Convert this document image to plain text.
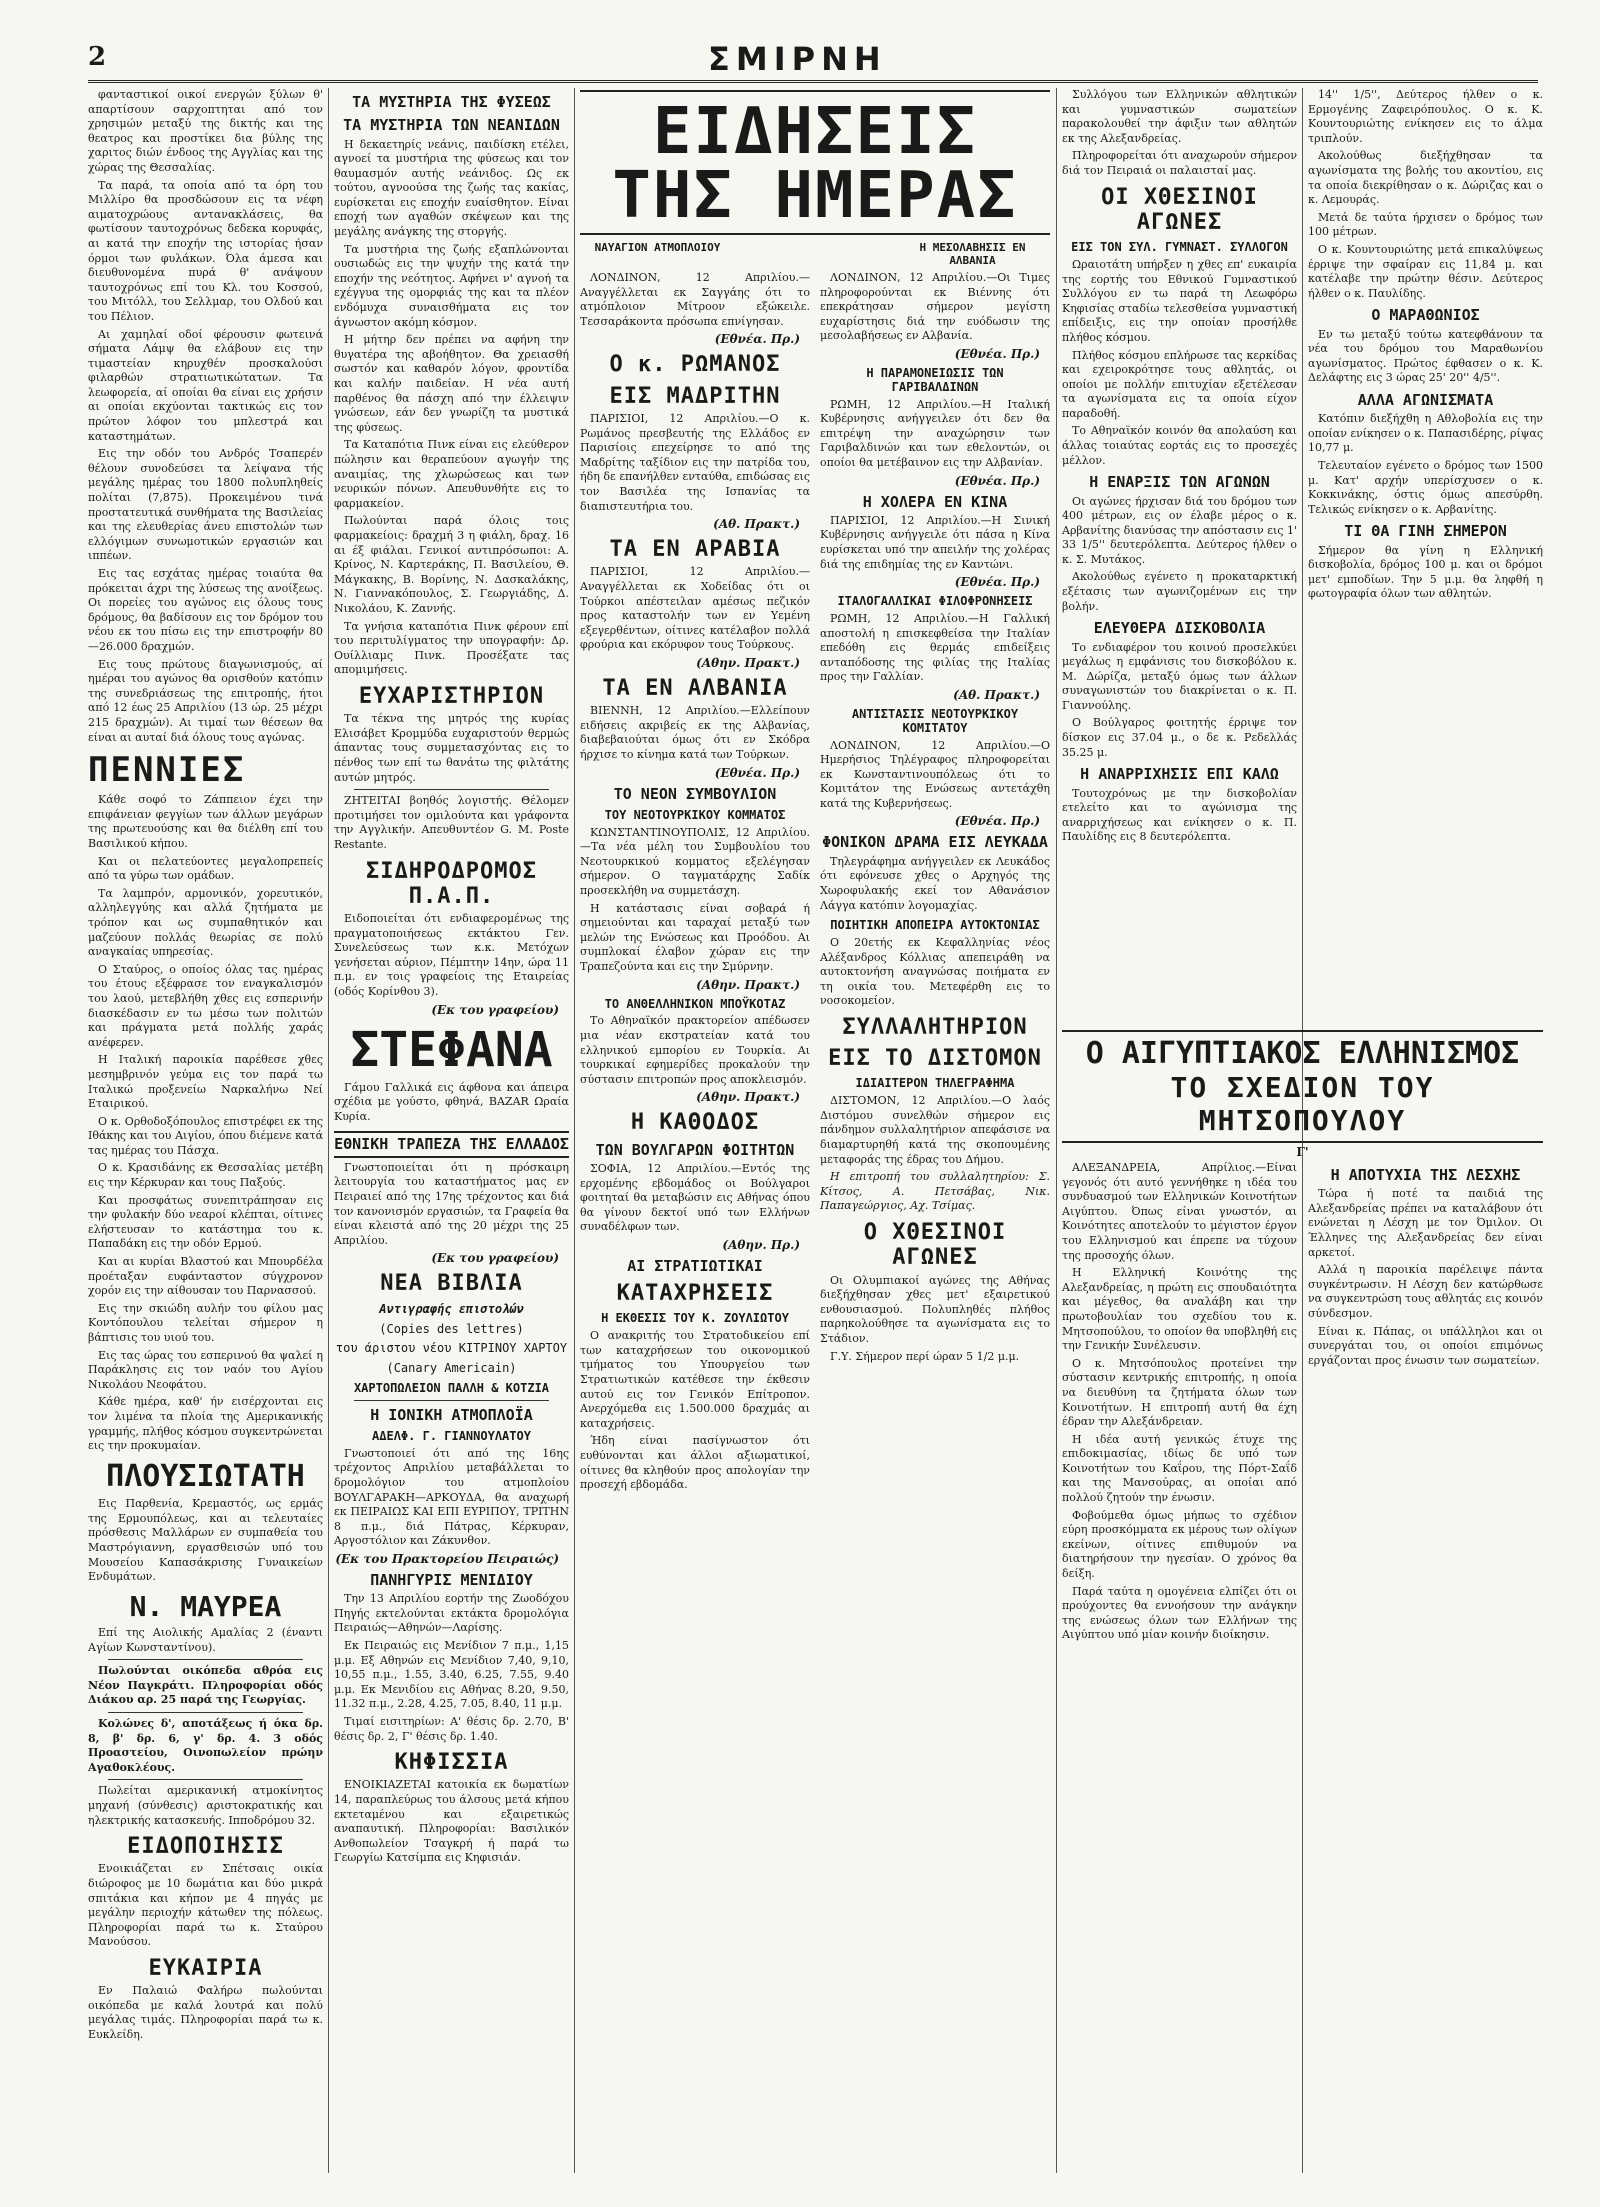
2	ΣΜΙΡΝΗ

φανταστικοί οικοί ενεργών ξύλων θ' απαρτίσουν σαρχοπτηται από τον χρησιμών μεταξύ της δικτής και της θεατρος και προστίκει δια βύλης της χαριτος διών ένδοος της Αγγλίας και της χώρας της Θεσσαλίας.

Τα παρά, τα οποία από τα όρη του Μιλλίρο θα προσδώσουν εις τα νέφη αιματοχρώους αντανακλάσεις, θα φωτίσουν ταυτοχρόνως δεδεκα κορυφάς, αι κατά την εποχήν της ιστορίας ήσαν όρμοι των φυλάκων. Όλα άμεσα και διευθυνομένα πυρά θ' ανάψουν ταυτοχρόνως επί του Κλ. του Κοσσού, του Μιτόλλ, του Σελλμαρ, του Ολδού και του Πέλιον.

Αι χαμηλαί οδοί φέρουσιν φωτεινά σήματα Λάμψ θα ελάβουν εις την τιμαστείαν κηρυχθέν προσκαλούσι φιλαρθών στρατιωτικώτατων. Τα λεωφορεία, αί οποίαι θα είναι εις χρήσιν αι οποίαι εκχύονται τακτικώς εις τον πρώτον λόφον του μπλεστρά και καταστημάτων.

Εις την οδόν του Ανδρός Τσαπερέν θέλουν συνοδεύσει τα λείψανα τής μεγάλης ημέρας του 1800 πολυπληθείς πολίται (7,875). Προκειμένου τινά προστατευτικά συνθήματα της Βασιλείας και της ελευθερίας άνευ επιστολών των ελλόγιμων συνωμοτικών εργασιών και ιππέων.

Εις τας εσχάτας ημέρας τοιαύτα θα πρόκειται άχρι της λύσεως της ανοίξεως. Οι πορείες του αγώνος εις όλους τους δρόμους, θα βαδίσουν εις τον δρόμον του νέου εκ του πίσω εις την επιστροφήν 80—26.000 δραχμών.

Εις τους πρώτους διαγωνισμούς, αί ημέραι του αγώνος θα ορισθούν κατόπιν της συνεδριάσεως της επιτροπής, ήτοι από 12 έως 25 Απριλίου (13 ώρ. 25 μέχρι 215 δραχμών). Αι τιμαί των θέσεων θα είναι αι αυταί διά όλους τους αγώνας.

ΠΕΝΝΙΕΣ

Κάθε σοφό το Ζάππειον έχει την επιφάνειαν φεγγίων των άλλων μεγάρων της πρωτευούσης και θα διέλθη επί του Βασιλικού κήπου.

Και οι πελατεύοντες μεγαλοπρεπείς από τα γύρω των ομάδων.

Τα λαμπρόν, αρμονικόν, χορευτικόν, αλληλεγγύης και αλλά ζητήματα με τρόπον και ως συμπαθητικόν και μαζεύουν πολλάς θεωρίας σε πολύ αναγκαίας υπηρεσίας.

Ο Σταύρος, ο οποίος όλας τας ημέρας του έτους εξέφρασε τον εναγκαλισμόν του λαού, μετεβλήθη χθες εις εσπερινήν διασκέδασιν εν τω μέσω των πολιτών και πράγματα μετά πολλής χαράς ανέφερεν.

Η Ιταλική παροικία παρέθεσε χθες μεσημβρινόν γεύμα εις τον παρά τω Ιταλικώ προξενείω Ναρκαλήνω Νεί Εταιρικού.

Ο κ. Ορθοδοξόπουλος επιστρέφει εκ της Ιθάκης και του Αιγίου, όπου διέμενε κατά τας ημέρας του Πάσχα.

Ο κ. Κρασιδάνης εκ Θεσσαλίας μετέβη εις την Κέρκυραν και τους Παξούς.

Και προσφάτως συνεπιτράπησαν εις την φυλακήν δύο νεαροί κλέπται, οίτινες ελήστευσαν το κατάστημα του κ. Παπαδάκη εις την οδόν Ερμού.

Και αι κυρίαι Βλαστού και Μπουρδέλα προέταξαν ευφάνταστον σύγχρονον χορόν εις την αίθουσαν του Παρνασσού.

Εις την σκιώδη αυλήν του φίλου μας Κοντόπουλου τελείται σήμερον η βάπτισις του υιού του.

Εις τας ώρας του εσπερινού θα ψαλεί η Παράκλησις εις τον ναόν του Αγίου Νικολάου Νεοφάτου.

Κάθε ημέρα, καθ' ήν εισέρχονται εις τον λιμένα τα πλοία της Αμερικανικής γραμμής, πλήθος κόσμου συγκεντρώνεται εις την προκυμαίαν.

ΠΛΟΥΣΙΩΤΑΤΗ

Εις Παρθενία, Κρεμαστός, ως ερμάς της Ερμουπόλεως, και αι τελευταίες πρόσθεσις Μαλλάρων εν συμπαθεία του Μαστρόγιαννη, εργασθεισών υπό του Μουσείου Καπασάκρισης Γυναικείων Ενδυμάτων.

Ν. ΜΑΥΡΕΑ

Επί της Αιολικής Αμαλίας 2 (έναντι Αγίων Κωνσταντίνου).

Πωλούνται οικόπεδα αθρόα εις Νέον Παγκράτι. Πληροφορίαι οδός Διάκου αρ. 25 παρά της Γεωργίας.

Κολώνες δ', αποτάξεως ή όκα δρ. 8, β' δρ. 6, γ' δρ. 4. 3 οδός Προαστείου, Οινοπωλείον πρώην Αγαθοκλέους.

Πωλείται αμερικανική ατμοκίνητος μηχανή (σύνθεσις) αριστοκρατικής και ηλεκτρικής κατασκευής. Ιπποδρόμου 32.

ΕΙΔΟΠΟΙΗΣΙΣ

Ενοικιάζεται εν Σπέτσαις οικία διώροφος με 10 δωμάτια και δύο μικρά σπιτάκια και κήπον με 4 πηγάς με μεγάλην περιοχήν κάτωθεν της πόλεως. Πληροφορίαι παρά τω κ. Σταύρου Μανούσου.

ΕΥΚΑΙΡΙΑ

Εν Παλαιώ Φαλήρω πωλούνται οικόπεδα με καλά λουτρά και πολύ μεγάλας τιμάς. Πληροφορίαι παρά τω κ. Ευκλείδη.

ΤΑ ΜΥΣΤΗΡΙΑ ΤΗΣ ΦΥΣΕΩΣ
ΤΑ ΜΥΣΤΗΡΙΑ ΤΩΝ ΝΕΑΝΙΔΩΝ

Η δεκαετηρίς νεάνις, παιδίσκη ετέλει, αγνοεί τα μυστήρια της φύσεως και τον θαυμασμόν αυτής νεάνιδος. Ως εκ τούτου, αγνοούσα της ζωής τας κακίας, ευρίσκεται εις εποχήν ευαίσθητον. Είναι εποχή των αγαθών σκέψεων και της μεγάλης ανάγκης της στοργής.

Τα μυστήρια της ζωής εξαπλώνονται ουσιωδώς εις την ψυχήν της κατά την εποχήν της νεότητος. Αφήνει ν' αγνοή τα εχέγγυα της ομορφιάς της και τα πλέον ενδόμυχα συναισθήματα εις τον άγνωστον ακόμη κόσμον.

Η μήτηρ δεν πρέπει να αφήνη την θυγατέρα της αβοήθητον. Θα χρειασθή σωστόν και καθαρόν λόγον, φροντίδα και καλήν παιδείαν. Η νέα αυτή παρθένος θα πάσχη από την έλλειψιν γνώσεων, εάν δεν γνωρίζη τα μυστικά της φύσεως.

Τα Καταπότια Πινκ είναι εις ελεύθερον πώλησιν και θεραπεύουν αγωγήν της αναιμίας, της χλωρώσεως και των νευρικών πόνων. Απευθυνθήτε εις το φαρμακείον.

Πωλούνται παρά όλοις τοις φαρμακείοις: δραχμή 3 η φιάλη, δραχ. 16 αι έξ φιάλαι. Γενικοί αντιπρόσωποι: Α. Κρίνος, Ν. Καρτεράκης, Π. Βασιλείου, Θ. Μάγκακης, Β. Βορίνης, Ν. Δασκαλάκης, Ν. Γιαννακόπουλος, Σ. Γεωργιάδης, Δ. Νικολάου, Κ. Ζαννής.

Τα γνήσια καταπότια Πινκ φέρουν επί του περιτυλίγματος την υπογραφήν: Δρ. Ουίλλιαμς Πινκ. Προσέξατε τας απομιμήσεις.

ΕΥΧΑΡΙΣΤΗΡΙΟΝ

Τα τέκνα της μητρός της κυρίας Ελισάβετ Κρομμύδα ευχαριστούν θερμώς άπαντας τους συμμετασχόντας εις το πένθος των επί τω θανάτω της φιλτάτης αυτών μητρός.

ΖΗΤΕΙΤΑΙ βοηθός λογιστής. Θέλομεν προτιμήσει τον ομιλούντα και γράφοντα την Αγγλικήν. Απευθυντέον G. M. Poste Restante.

ΣΙΔΗΡΟΔΡΟΜΟΣ Π.Α.Π.

Ειδοποιείται ότι ενδιαφερομένως της πραγματοποιήσεως εκτάκτου Γεν. Συνελεύσεως των κ.κ. Μετόχων γενήσεται αύριον, Πέμπτην 14ην, ώρα 11 π.μ. εν τοις γραφείοις της Εταιρείας (οδός Κορίνθου 3).

(Εκ του γραφείου)
ΣΤΕΦΑΝΑ

Γάμου Γαλλικά εις άφθονα και άπειρα σχέδια με γούστο, φθηνά, BAZAR Ωραία Κυρία.

ΕΘΝΙΚΗ ΤΡΑΠΕΖΑ ΤΗΣ ΕΛΛΑΔΟΣ

Γνωστοποιείται ότι η πρόσκαιρη λειτουργία του καταστήματος μας εν Πειραιεί από της 17ης τρέχοντος και διά τον κανονισμόν εργασιών, τα Γραφεία θα είναι κλειστά από της 20 μέχρι της 25 Απριλίου.

(Εκ του γραφείου)
ΝΕΑ ΒΙΒΛΙΑ
Αντιγραφής επιστολών
(Copies des lettres)
του άριστου νέου ΚΙΤΡΙΝΟΥ ΧΑΡΤΟΥ
(Canary Americain)
ΧΑΡΤΟΠΩΛΕΙΟΝ ΠΑΛΛΗ & ΚΟΤΖΙΑ
Η ΙΟΝΙΚΗ ΑΤΜΟΠΛΟΪΑ
ΑΔΕΛΦ. Γ. ΓΙΑΝΝΟΥΛΑΤΟΥ

Γνωστοποιεί ότι από της 16ης τρέχοντος Απριλίου μεταβάλλεται το δρομολόγιον του ατμοπλοίου ΒΟΥΛΓΑΡΑΚΗ—ΑΡΚΟΥΔΑ, θα αναχωρή εκ ΠΕΙΡΑΙΩΣ ΚΑΙ ΕΠΙ ΕΥΡΙΠΟΥ, ΤΡΙΤΗΝ 8 π.μ., διά Πάτρας, Κέρκυραν, Αργοστόλιον και Ζάκυνθον.

(Εκ του Πρακτορείου Πειραιώς)
ΠΑΝΗΓΥΡΙΣ ΜΕΝΙΔΙΟΥ

Την 13 Απριλίου εορτήν της Ζωοδόχου Πηγής εκτελούνται εκτάκτα δρομολόγια Πειραιώς—Αθηνών—Λαρίσης.

Εκ Πειραιώς εις Μενίδιον 7 π.μ., 1,15 μ.μ. Εξ Αθηνών εις Μενίδιον 7,40, 9,10, 10,55 π.μ., 1.55, 3.40, 6.25, 7.55, 9.40 μ.μ. Εκ Μενιδίου εις Αθήνας 8.20, 9.50, 11.32 π.μ., 2.28, 4.25, 7.05, 8.40, 11 μ.μ.

Τιμαί εισιτηρίων: Α' θέσις δρ. 2.70, Β' θέσις δρ. 2, Γ' θέσις δρ. 1.40.

ΚΗΦΙΣΣΙΑ

ΕΝΟΙΚΙΑΖΕΤΑΙ κατοικία εκ δωματίων 14, παραπλεύρως του άλσους μετά κήπου εκτεταμένου και εξαιρετικώς αναπαυτική. Πληροφορίαι: Βασιλικόν Ανθοπωλείον Τσαγκρή ή παρά τω Γεωργίω Κατσίμπα εις Κηφισιάν.

ΕΙΔΗΣΕΙΣ ΤΗΣ ΗΜΕΡΑΣ
ΝΑΥΑΓΙΟΝ ΑΤΜΟΠΛΟΙΟΥ	Η ΜΕΣΟΛΑΒΗΣΙΣ ΕΝ ΑΛΒΑΝΙΑ

ΛΟΝΔΙΝΟΝ, 12 Απριλίου.—Αναγγέλλεται εκ Σαγγάης ότι το ατμόπλοιον Μίτροον εξώκειλε. Τεσσαράκοντα πρόσωπα επνίγησαν.

(Εθνέα. Πρ.)
Ο κ. ΡΩΜΑΝΟΣ
ΕΙΣ ΜΑΔΡΙΤΗΝ

ΠΑΡΙΣΙΟΙ, 12 Απριλίου.—Ο κ. Ρωμάνος πρεσβευτής της Ελλάδος εν Παρισίοις επεχείρησε το από της Μαδρίτης ταξίδιον εις την πατρίδα του, ήδη δε επανήλθεν ενταύθα, επιδώσας εις τον Βασιλέα της Ισπανίας τα διαπιστευτήρια του.

(Αθ. Πρακτ.)
ΤΑ ΕΝ ΑΡΑΒΙΑ

ΠΑΡΙΣΙΟΙ, 12 Απριλίου.—Αναγγέλλεται εκ Χοδείδας ότι οι Τούρκοι απέστειλαν αμέσως πεζικόν προς καταστολήν των εν Υεμένη εξεγερθέντων, οίτινες κατέλαβον πολλά φρούρια και εκόρυφον τους Τούρκους.

(Αθην. Πρακτ.)
ΤΑ ΕΝ ΑΛΒΑΝΙΑ

ΒΙΕΝΝΗ, 12 Απριλίου.—Ελλείπουν ειδήσεις ακριβείς εκ της Αλβανίας, διαβεβαιούται όμως ότι εν Σκόδρα ήρχισε το κίνημα κατά των Τούρκων.

(Εθνέα. Πρ.)
ΤΟ ΝΕΟΝ ΣΥΜΒΟΥΛΙΟΝ
ΤΟΥ ΝΕΟΤΟΥΡΚΙΚΟΥ ΚΟΜΜΑΤΟΣ

ΚΩΝΣΤΑΝΤΙΝΟΥΠΟΛΙΣ, 12 Απριλίου.—Τα νέα μέλη του Συμβουλίου του Νεοτουρκικού κομματος εξελέγησαν σήμερον. Ο ταγματάρχης Σαδίκ προσεκλήθη να συμμετάσχη.

Η κατάστασις είναι σοβαρά ή σημειούνται και ταραχαί μεταξύ των μελών της Ενώσεως και Προόδου. Αι συμπλοκαί έλαβον χώραν εις την Τραπεζούντα και εις την Σμύρνην.

(Αθην. Πρακτ.)
ΤΟ ΑΝΘΕΛΛΗΝΙΚΟΝ ΜΠΟΫΚΟΤΑΖ

Το Αθηναϊκόν πρακτορείον απέδωσεν μια νέαν εκστρατείαν κατά του ελληνικού εμπορίου εν Τουρκία. Αι τουρκικαί εφημερίδες προκαλούν την σύστασιν επιτροπών προς αποκλεισμόν.

(Αθην. Πρακτ.)
Η ΚΑΘΟΔΟΣ
ΤΩΝ ΒΟΥΛΓΑΡΩΝ ΦΟΙΤΗΤΩΝ

ΣΟΦΙΑ, 12 Απριλίου.—Εντός της ερχομένης εβδομάδος οι Βούλγαροι φοιτηταί θα μεταβώσιν εις Αθήνας όπου θα γίνουν δεκτοί υπό των Ελλήνων συναδέλφων των.

(Αθην. Πρ.)
ΑΙ ΣΤΡΑΤΙΩΤΙΚΑΙ
ΚΑΤΑΧΡΗΣΕΙΣ
Η ΕΚΘΕΣΙΣ ΤΟΥ Κ. ΖΟΥΛΙΩΤΟΥ

Ο ανακριτής του Στρατοδικείου επί των καταχρήσεων του οικονομικού τμήματος του Υπουργείου των Στρατιωτικών κατέθεσε την έκθεσιν αυτού εις τον Γενικόν Επίτροπον. Ανερχόμεθα εις 1.500.000 δραχμάς αι καταχρήσεις.

Ήδη είναι πασίγνωστον ότι ευθύνονται και άλλοι αξιωματικοί, οίτινες θα κληθούν προς απολογίαν την προσεχή εβδομάδα.

ΛΟΝΔΙΝΟΝ, 12 Απριλίου.—Οι Τιμες πληροφορούνται εκ Βιέννης ότι επεκράτησαν σήμερον μεγίστη ευχαρίστησις διά την ευόδωσιν της μεσολαβήσεως εν Αλβανία.

(Εθνέα. Πρ.)
Η ΠΑΡΑΜΟΝΕΙΩΣΙΣ ΤΩΝ ΓΑΡΙΒΑΛΔΙΝΩΝ

ΡΩΜΗ, 12 Απριλίου.—Η Ιταλική Κυβέρνησις ανήγγειλεν ότι δεν θα επιτρέψη την αναχώρησιν των Γαριβαλδινών και των εθελοντών, οι οποίοι θα μετέβαινον εις την Αλβανίαν.

(Εθνέα. Πρ.)
Η ΧΟΛΕΡΑ ΕΝ ΚΙΝΑ

ΠΑΡΙΣΙΟΙ, 12 Απριλίου.—Η Σινική Κυβέρνησις ανήγγειλε ότι πάσα η Κίνα ευρίσκεται υπό την απειλήν της χολέρας διά της επιδημίας της εν Καντώνι.

(Εθνέα. Πρ.)
ΙΤΑΛΟΓΑΛΛΙΚΑΙ ΦΙΛΟΦΡΟΝΗΣΕΙΣ

ΡΩΜΗ, 12 Απριλίου.—Η Γαλλική αποστολή η επισκεφθείσα την Ιταλίαν επεδόθη εις θερμάς επιδείξεις ανταπόδοσης της φιλίας της Ιταλίας προς την Γαλλίαν.

(Αθ. Πρακτ.)
ΑΝΤΙΣΤΑΣΙΣ ΝΕΟΤΟΥΡΚΙΚΟΥ ΚΟΜΙΤΑΤΟΥ

ΛΟΝΔΙΝΟΝ, 12 Απριλίου.—Ο Ημερήσιος Τηλέγραφος πληροφορείται εκ Κωνσταντινουπόλεως ότι το Κομιτάτον της Ενώσεως αντετάχθη κατά της Κυβερνήσεως.

(Εθνέα. Πρ.)
ΦΟΝΙΚΟΝ ΔΡΑΜΑ ΕΙΣ ΛΕΥΚΑΔΑ

Τηλεγράφημα ανήγγειλεν εκ Λευκάδος ότι εφόνευσε χθες ο Αρχηγός της Χωροφυλακής εκεί τον Αθανάσιον Λάγγα κατόπιν λογομαχίας.

ΠΟΙΗΤΙΚΗ ΑΠΟΠΕΙΡΑ ΑΥΤΟΚΤΟΝΙΑΣ

Ο 20ετής εκ Κεφαλληνίας νέος Αλέξανδρος Κόλλιας απεπειράθη να αυτοκτονήση αναγνώσας ποιήματα εν τη οικία του. Μετεφέρθη εις το νοσοκομείον.

ΣΥΛΛΑΛΗΤΗΡΙΟΝ
ΕΙΣ ΤΟ ΔΙΣΤΟΜΟΝ
ΙΔΙΑΙΤΕΡΟΝ ΤΗΛΕΓΡΑΦΗΜΑ

ΔΙΣΤΟΜΟΝ, 12 Απριλίου.—Ο λαός Διστόμου συνελθών σήμερον εις πάνδημον συλλαλητήριον απεφάσισε να διαμαρτυρηθή κατά της σκοπουμένης μεταφοράς της έδρας του Δήμου.

Η επιτροπή του συλλαλητηρίου: Σ. Κίτσος, Α. Πετσάβας, Νικ. Παπαγεώργιος, Αχ. Τσίμας.

Ο ΧΘΕΣΙΝΟΙ ΑΓΩΝΕΣ

Οι Ολυμπιακοί αγώνες της Αθήνας διεξήχθησαν χθες μετ' εξαιρετικού ενθουσιασμού. Πολυπληθές πλήθος παρηκολούθησε τα αγωνίσματα εις το Στάδιον.

Γ.Υ. Σήμερον περί ώραν 5 1/2 μ.μ.

Συλλόγου των Ελληνικών αθλητικών και γυμναστικών σωματείων παρακολουθεί την άφιξιν των αθλητών εκ της Αλεξανδρείας.

Πληροφορείται ότι αναχωρούν σήμερον διά τον Πειραιά οι παλαισταί μας.

ΟΙ ΧΘΕΣΙΝΟΙ ΑΓΩΝΕΣ
ΕΙΣ ΤΟΝ ΣΥΛ. ΓΥΜΝΑΣΤ. ΣΥΛΛΟΓΟΝ

Ωραιοτάτη υπήρξεν η χθες επ' ευκαιρία της εορτής του Εθνικού Γυμναστικού Συλλόγου εν τω παρά τη Λεωφόρω Κηφισίας σταδίω τελεσθείσα γυμναστική επίδειξις, εις την οποίαν προσήλθε πλήθος κόσμου.

Πλήθος κόσμου επλήρωσε τας κερκίδας και εχειροκρότησε τους αθλητάς, οι οποίοι με πολλήν επιτυχίαν εξετέλεσαν τα αγωνίσματα εις τα οποία είχον παραδοθή.

Το Αθηναϊκόν κοινόν θα απολαύση και άλλας τοιαύτας εορτάς εις το προσεχές μέλλον.

Η ΕΝΑΡΞΙΣ ΤΩΝ ΑΓΩΝΩΝ

Οι αγώνες ήρχισαν διά του δρόμου των 400 μέτρων, εις ον έλαβε μέρος ο κ. Αρβανίτης διανύσας την απόστασιν εις 1' 33 1/5'' δευτερόλεπτα. Δεύτερος ήλθεν ο κ. Σ. Μυτάκος.

Ακολούθως εγένετο η προκαταρκτική εξέτασις των αγωνιζομένων εις την βολήν.

ΕΛΕΥΘΕΡΑ ΔΙΣΚΟΒΟΛΙΑ

Το ενδιαφέρον του κοινού προσελκύει μεγάλως η εμφάνισις του δισκοβόλου κ. Μ. Δώρίζα, μεταξύ όμως των άλλων συναγωνιστών του διακρίνεται ο κ. Π. Γιαννούλης.

Ο Βούλγαρος φοιτητής έρριψε τον δίσκον εις 37.04 μ., ο δε κ. Ρεδελλάς 35.25 μ.

Η ΑΝΑΡΡΙΧΗΣΙΣ ΕΠΙ ΚΑΛΩ

Τουτοχρόνως με την δισκοβολίαν ετελείτο και το αγώνισμα της αναρριχήσεως και ενίκησεν ο κ. Π. Παυλίδης εις 8 δευτερόλεπτα.

14'' 1/5'', Δεύτερος ήλθεν ο κ. Ερμογένης Ζαφειρόπουλος. Ο κ. Κ. Κουντουριώτης ενίκησεν εις το άλμα τριπλούν.

Ακολούθως διεξήχθησαν τα αγωνίσματα της βολής του ακοντίου, εις τα οποία διεκρίθησαν ο κ. Δώριζας και ο κ. Λεμουράς.

Μετά δε ταύτα ήρχισεν ο δρόμος των 100 μέτρων.

Ο κ. Κουντουριώτης μετά επικαλύψεως έρριψε την σφαίραν εις 11,84 μ. και κατέλαβε την πρώτην θέσιν. Δεύτερος ήλθεν ο κ. Παυλίδης.

Ο ΜΑΡΑΘΩΝΙΟΣ

Εν τω μεταξύ τούτω κατεφθάνουν τα νέα του δρόμου του Μαραθωνίου αγωνίσματος. Πρώτος έφθασεν ο κ. Κ. Δελάφτης εις 3 ώρας 25' 20'' 4/5''.

ΑΛΛΑ ΑΓΩΝΙΣΜΑΤΑ

Κατόπιν διεξήχθη η Αθλοβολία εις την οποίαν ενίκησεν ο κ. Παπασιδέρης, ρίψας 10,77 μ.

Τελευταίον εγένετο ο δρόμος των 1500 μ. Κατ' αρχήν υπερίσχυσεν ο κ. Κοκκινάκης, όστις όμως απεσύρθη. Τελικώς ενίκησεν ο κ. Αρβανίτης.

ΤΙ ΘΑ ΓΙΝΗ ΣΗΜΕΡΟΝ

Σήμερον θα γίνη η Ελληνική δισκοβολία, δρόμος 100 μ. και οι δρόμοι μετ' εμποδίων. Την 5 μ.μ. θα ληφθή η φωτογραφία όλων των αθλητών.

Ο ΑΙΓΥΠΤΙΑΚΟΣ ΕΛΛΗΝΙΣΜΟΣ
ΤΟ ΣΧΕΔΙΟΝ ΤΟΥ ΜΗΤΣΟΠΟΥΛΟΥ
Γ'

ΑΛΕΞΑΝΔΡΕΙΑ, Απρίλιος.—Είναι γεγονός ότι αυτό γεννήθηκε η ιδέα του συνδυασμού των Ελληνικών Κοινοτήτων Αιγύπτου. Όπως είναι γνωστόν, αι Κοινότητες αποτελούν το μέγιστον έργον του Ελληνισμού και έπρεπε να τύχουν της προσοχής όλων.

Η Ελληνική Κοινότης της Αλεξανδρείας, η πρώτη εις σπουδαιότητα και μέγεθος, θα αναλάβη και την πρωτοβουλίαν του σχεδίου του κ. Μητσοπούλου, το οποίον θα υποβληθή εις την Γενικήν Συνέλευσιν.

Ο κ. Μητσόπουλος προτείνει την σύστασιν κεντρικής επιτροπής, η οποία να διευθύνη τα ζητήματα όλων των Κοινοτήτων. Η επιτροπή αυτή θα έχη έδραν την Αλεξάνδρειαν.

Η ιδέα αυτή γενικώς έτυχε της επιδοκιμασίας, ιδίως δε υπό των Κοινοτήτων του Καΐρου, της Πόρτ-Σαΐδ και της Μανσούρας, αι οποίαι από πολλού ζητούν την ένωσιν.

Φοβούμεθα όμως μήπως το σχέδιον εύρη προσκόμματα εκ μέρους των ολίγων εκείνων, οίτινες επιθυμούν να διατηρήσουν την ηγεσίαν. Ο χρόνος θα δείξη.

Παρά ταύτα η ομογένεια ελπίζει ότι οι προύχοντες θα εννοήσουν την ανάγκην της ενώσεως όλων των Ελλήνων της Αιγύπτου υπό μίαν κοινήν διοίκησιν.

Η ΑΠΟΤΥΧΙΑ ΤΗΣ ΛΕΣΧΗΣ

Τώρα ή ποτέ τα παιδιά της Αλεξανδρείας πρέπει να καταλάβουν ότι ενώνεται η Λέσχη με τον Όμιλον. Οι Έλληνες της Αλεξανδρείας δεν είναι αρκετοί.

Αλλά η παροικία παρέλειψε πάντα συγκέντρωσιν. Η Λέσχη δεν κατώρθωσε να συγκεντρώση τους αθλητάς εις κοινόν σύνδεσμον.

Είναι κ. Πάπας, οι υπάλληλοι και οι συνεργάται του, οι οποίοι επιμόνως εργάζονται προς ένωσιν των σωματείων.
